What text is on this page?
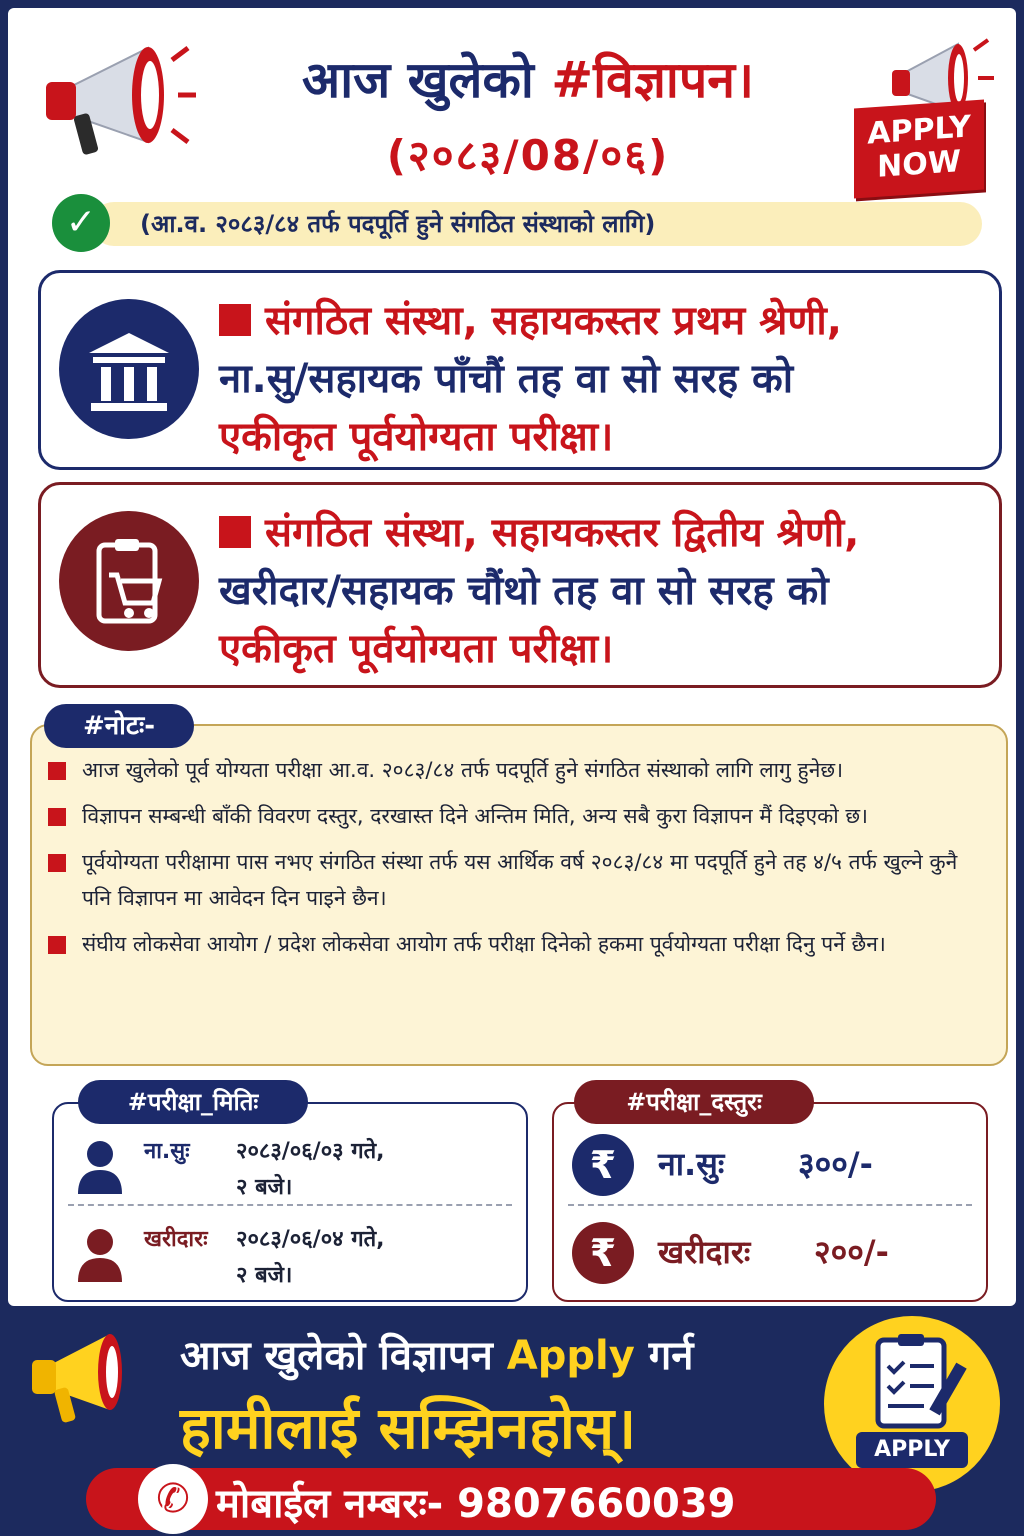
आज खुलेको #विज्ञापन।
(२०८३/08/०६)
APPLY
NOW
✓	(आ.व. २०८३/८४ तर्फ पदपूर्ति हुने संगठित संस्थाको लागि)
संगठित संस्था, सहायकस्तर प्रथम श्रेणी,
ना.सु/सहायक पाँचौं तह वा सो सरह को
एकीकृत पूर्वयोग्यता परीक्षा।
संगठित संस्था, सहायकस्तर द्वितीय श्रेणी,
खरीदार/सहायक चौंथो तह वा सो सरह को
एकीकृत पूर्वयोग्यता परीक्षा।
#नोटः-
आज खुलेको पूर्व योग्यता परीक्षा आ.व. २०८३/८४ तर्फ पदपूर्ति हुने संगठित संस्थाको लागि लागु हुनेछ।
विज्ञापन सम्बन्धी बाँकी विवरण दस्तुर, दरखास्त दिने अन्तिम मिति, अन्य सबै कुरा विज्ञापन मैं दिइएको छ।
पूर्वयोग्यता परीक्षामा पास नभए संगठित संस्था तर्फ यस आर्थिक वर्ष २०८३/८४ मा पदपूर्ति हुने तह ४/५ तर्फ खुल्ने कुनै पनि विज्ञापन मा आवेदन दिन पाइने छैन।
संघीय लोकसेवा आयोग / प्रदेश लोकसेवा आयोग तर्फ परीक्षा दिनेको हकमा पूर्वयोग्यता परीक्षा दिनु पर्ने छैन।
#परीक्षा_मितिः
ना.सुः २०८३/०६/०३ गते,
२ बजे।
खरीदारः २०८३/०६/०४ गते,
२ बजे।
#परीक्षा_दस्तुरः
₹	ना.सुः ३००/-
₹	खरीदारः २००/-
आज खुलेको विज्ञापन Apply गर्न
हामीलाई सम्झिनहोस्।	APPLY
✆ मोबाईल नम्बरः- 9807660039
